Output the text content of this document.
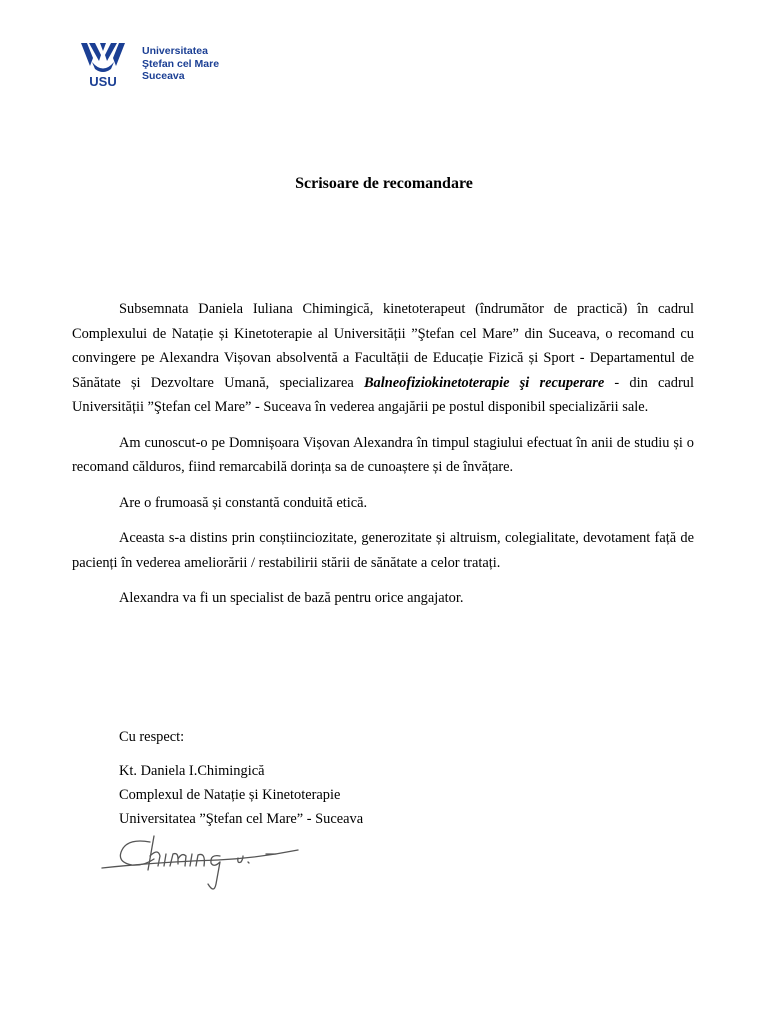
USU
Universitatea
Ştefan cel Mare
Suceava
Scrisoare de recomandare

Subsemnata Daniela Iuliana Chimingică, kinetoterapeut (îndrumător de practică) în cadrul Complexului de Natație și Kinetoterapie al Universității ”Ştefan cel Mare” din Suceava, o recomand cu convingere pe Alexandra Vișovan absolventă a Facultății de Educație Fizică și Sport - Departamentul de Sănătate și Dezvoltare Umană, specializarea Balneofiziokinetoterapie şi recuperare - din cadrul Universității ”Ştefan cel Mare” - Suceava în vederea angajării pe postul disponibil specializării sale.

Am cunoscut-o pe Domnișoara Vișovan Alexandra în timpul stagiului efectuat în anii de studiu și o recomand călduros, fiind remarcabilă dorința sa de cunoaștere și de învățare.

Are o frumoasă și constantă conduită etică.

Aceasta s-a distins prin conștiinciozitate, generozitate și altruism, colegialitate, devotament față de pacienți în vederea ameliorării / restabilirii stării de sănătate a celor tratați.

Alexandra va fi un specialist de bază pentru orice angajator.

Cu respect:
Kt. Daniela I.Chimingică
Complexul de Natație și Kinetoterapie
Universitatea ”Ştefan cel Mare” - Suceava
